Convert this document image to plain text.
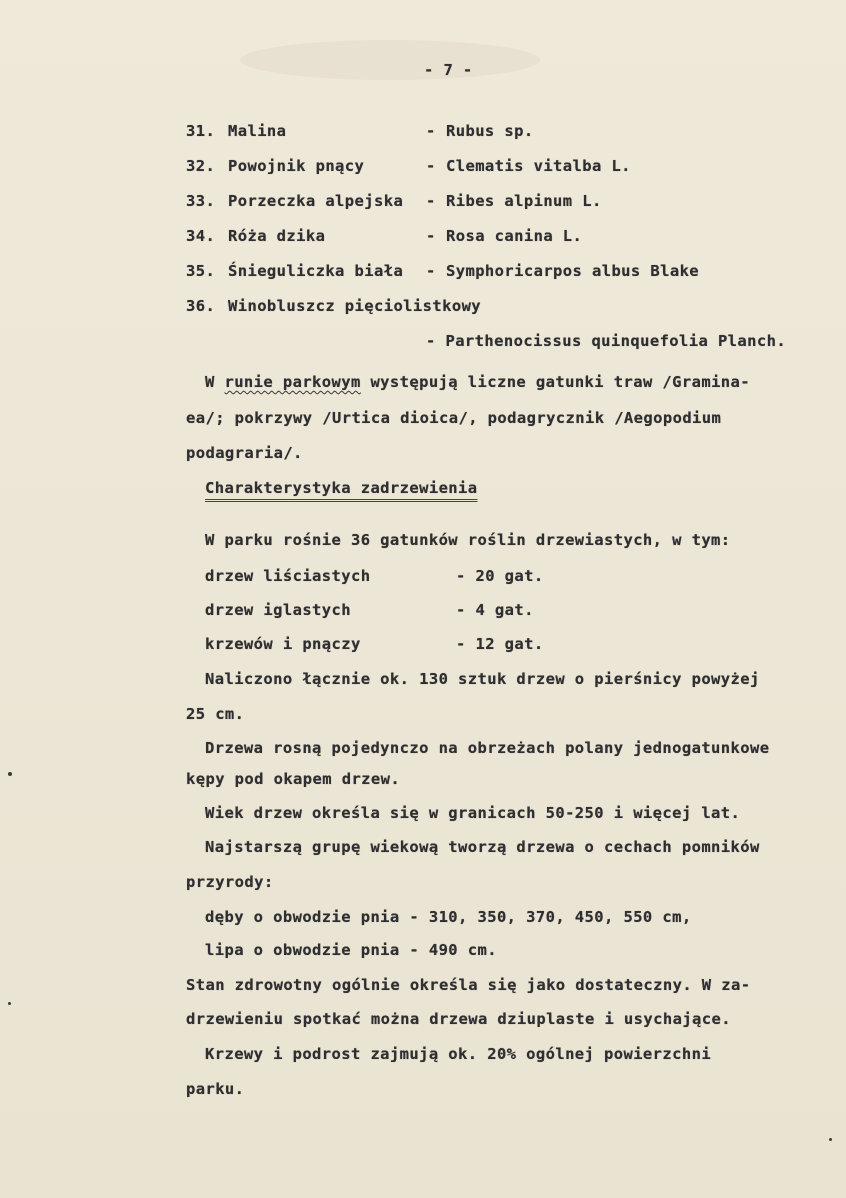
- 7 -
31. Malina	- Rubus sp.
32. Powojnik pnący	- Clematis vitalba L.
33. Porzeczka alpejska - Ribes alpinum L.
34. Róża dzika	- Rosa canina L.
35. Śnieguliczka biała - Symphoricarpos albus Blake
36. Winobluszcz pięciolistkowy
- Parthenocissus quinquefolia Planch.
W runie parkowym występują liczne gatunki traw /Gramina-
ea/; pokrzywy /Urtica dioica/, podagrycznik /Aegopodium
podagraria/.
Charakterystyka zadrzewienia
W parku rośnie 36 gatunków roślin drzewiastych, w tym:
drzew liściastych	- 20 gat.
drzew iglastych	- 4 gat.
krzewów i pnączy	- 12 gat.
Naliczono łącznie ok. 130 sztuk drzew o pierśnicy powyżej
25 cm.
Drzewa rosną pojedynczo na obrzeżach polany jednogatunkowe
kępy pod okapem drzew.
Wiek drzew określa się w granicach 50-250 i więcej lat.
Najstarszą grupę wiekową tworzą drzewa o cechach pomników
przyrody:
dęby o obwodzie pnia - 310, 350, 370, 450, 550 cm,
lipa o obwodzie pnia - 490 cm.
Stan zdrowotny ogólnie określa się jako dostateczny. W za-
drzewieniu spotkać można drzewa dziuplaste i usychające.
Krzewy i podrost zajmują ok. 20% ogólnej powierzchni
parku.
